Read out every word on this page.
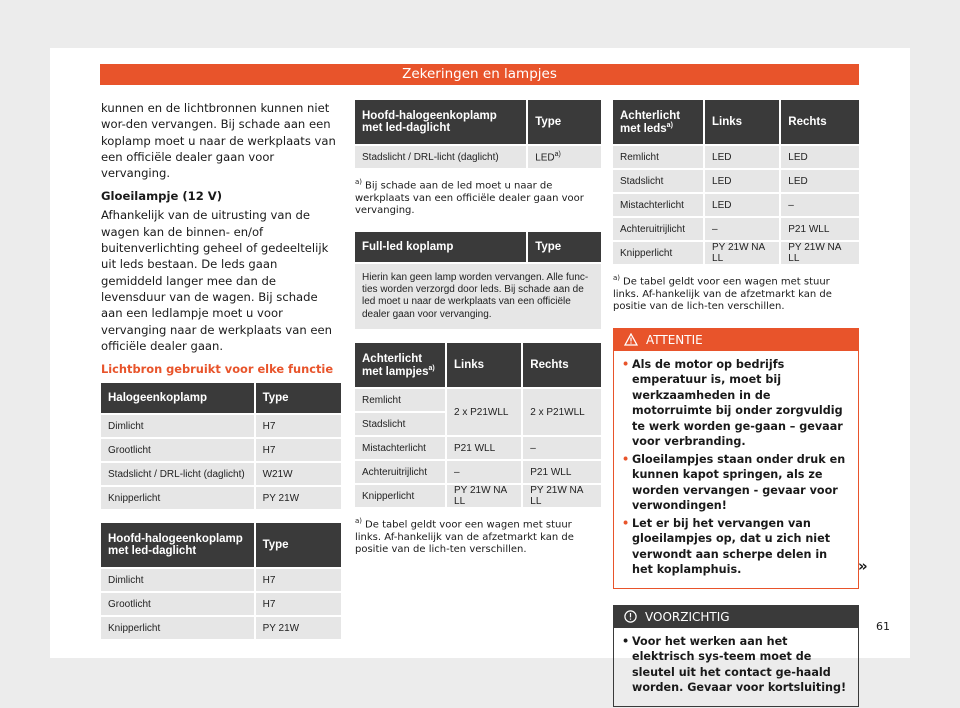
Zekeringen en lampjes

kunnen en de lichtbronnen kunnen niet wor-den vervangen. Bij schade aan een koplamp moet u naar de werkplaats van een officiële dealer gaan voor vervanging.

Gloeilampje (12 V)

Afhankelijk van de uitrusting van de wagen kan de binnen- en/of buitenverlichting geheel of gedeeltelijk uit leds bestaan. De leds gaan gemiddeld langer mee dan de levensduur van de wagen. Bij schade aan een ledlampje moet u voor vervanging naar de werkplaats van een officiële dealer gaan.

Lichtbron gebruikt voor elke functie

Halogeenkoplamp	Type
Dimlicht	H7
Grootlicht	H7
Stadslicht / DRL-licht (daglicht)	W21W
Knipperlicht	PY 21W
Hoofd-halogeenkoplamp met led-daglicht	Type
Dimlicht	H7
Grootlicht	H7
Knipperlicht	PY 21W
Hoofd-halogeenkoplamp met led-daglicht	Type
Stadslicht / DRL-licht (daglicht)	LED$^{a)}$

$^{a)}$ Bij schade aan de led moet u naar de werkplaats van een officiële dealer gaan voor vervanging.

Full-led koplamp	Type
Hierin kan geen lamp worden vervangen. Alle func-ties worden verzorgd door leds. Bij schade aan de led moet u naar de werkplaats van een officiële dealer gaan voor vervanging.
Achterlicht met lampjes$^{a)}$	Links	Rechts
Remlicht	2 x P21WLL	2 x P21WLL
Stadslicht		
Mistachterlicht	P21 WLL	–
Achteruitrijlicht	–	P21 WLL
Knipperlicht	PY 21W NA LL	PY 21W NA LL

$^{a)}$ De tabel geldt voor een wagen met stuur links. Af-hankelijk van de afzetmarkt kan de positie van de lich-ten verschillen.

Achterlicht met leds$^{a)}$	Links	Rechts
Remlicht	LED	LED
Stadslicht	LED	LED
Mistachterlicht	LED	–
Achteruitrijlicht	–	P21 WLL
Knipperlicht	PY 21W NA LL	PY 21W NA LL

$^{a)}$ De tabel geldt voor een wagen met stuur links. Af-hankelijk van de afzetmarkt kan de positie van de lich-ten verschillen.

ATTENTIE
• Als de motor op bedrijfs emperatuur is, moet bij werkzaamheden in de motorruimte bij onder zorgvuldig te werk worden ge-gaan – gevaar voor verbranding.
• Gloeilampjes staan onder druk en kunnen kapot springen, als ze worden vervangen - gevaar voor verwondingen!
• Let er bij het vervangen van gloeilampjes op, dat u zich niet verwondt aan scherpe delen in het koplamphuis.
VOORZICHTIG
• Voor het werken aan het elektrisch sys-teem moet de sleutel uit het contact ge-haald worden. Gevaar voor kortsluiting!
»
61
